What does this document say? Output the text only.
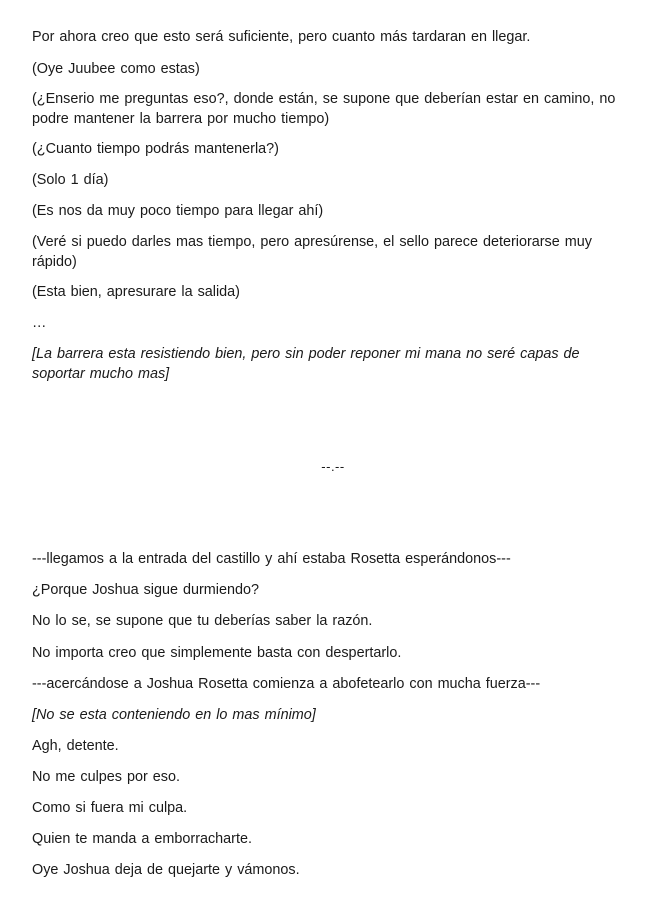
Por ahora creo que esto será suficiente, pero cuanto más tardaran en llegar.

(Oye Juubee como estas)

(¿Enserio me preguntas eso?, donde están, se supone que deberían estar en camino, no podre mantener la barrera por mucho tiempo)

(¿Cuanto tiempo podrás mantenerla?)

(Solo 1 día)

(Es nos da muy poco tiempo para llegar ahí)

(Veré si puedo darles mas tiempo, pero apresúrense, el sello parece deteriorarse muy rápido)

(Esta bien, apresurare la salida)

…

[La barrera esta resistiendo bien, pero sin poder reponer mi mana no seré capas de soportar mucho mas]

---llegamos a la entrada del castillo y ahí estaba Rosetta esperándonos---

¿Porque Joshua sigue durmiendo?

No lo se, se supone que tu deberías saber la razón.

No importa creo que simplemente basta con despertarlo.

---acercándose a Joshua Rosetta comienza a abofetearlo con mucha fuerza---

[No se esta conteniendo en lo mas mínimo]

Agh, detente.

No me culpes por eso.

Como si fuera mi culpa.

Quien te manda a emborracharte.

Oye Joshua deja de quejarte y vámonos.

--.--
